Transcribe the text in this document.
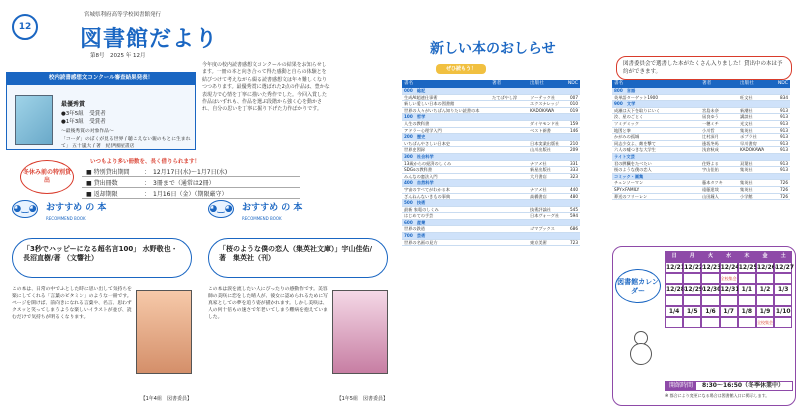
12
宮城県利府高等学校図書館発行
図書館だより
第8号　2025 年 12月
今年度の校内読書感想文コンクールの結果をお知らせします。一冊の本と向き合って得た感動と自らの体験とを結びつけて考えながら綴る読書感想文は年々難しくなりつつあります。最優秀賞に選ばれた2点の作品は、豊かな表現力で心情を丁寧に描いた秀作でした。今回入賞した作品はいずれも、作品を選ぶ段階から強く心を動かされ、自分の思いを丁寧に掘り下げた力作ばかりです。
校内読書感想文コンクール審査結果発表！
最優秀賞
●3年5組　受賞者
●1年3組　受賞者
～最後秀賞の対象作品～
「コーダ」のぼくが見る世界 / 聴こえない親のもとに生まれて」 五十嵐大 / 著　紀伊國屋書店
冬休み前の特別貸出
いつもより多い冊数を、長く借りられます！
■ 特別貸出期間	：　12月17日(水)～1月7日(水)
■ 貸出冊数	：　3冊まで（通常は2冊）
■ 返却期限	：　1月16日（金）（期限厳守）
◕‿◕ おすすめ の 本
RECOMMEND BOOK
「3秒でハッピーになる超名言100」 水野敬也・長沼直樹/著 （文響社）
この本は、日常の中でふとした時に思い出して気持ちを楽にしてくれる「言葉のビタミン」のような一冊です。ページを開けば、前向きになれる言葉や、名言、思わずクスッと笑ってしまうような楽しいイラストが並び、読むだけで気持ちが明るくなります。
【1年4組　図書委員】
◕‿◕ おすすめ の 本
RECOMMEND BOOK
「桜のような僕の恋人（集英社文庫）」宇山佳佑/著　集英社（刊）
この本は涙を流したい人にぴったりの感動作です。美容師の美咲に恋をした晴人が、彼女に認められるために写真家としての夢を追う姿が描かれます。しかし美咲は、人の何十倍もの速さで年老いてしまう難病を抱えていました。
【1年5組　図書委員】
新しい本のおしらせ
ぜひ読もう！
図書委員会で選書した本がたくさん入りました！貸出中の本は予約ができます。
書名	著者	出版社	NDC
000　総記
生成AI超速仕事術	たてばやし淳	ソーテック社	007
新しい愛しい日本の図書館	エクスナレッジ	010
世界の人々がいちばん知りたい読書の本	KADOKAWA	019
100　哲学
人生の教科書	ダイヤモンド社	159
アドラー心理学入門	ベスト新書	146
200　歴史
いちばんやさしい日本史	日本実業出版社	210
世界史図録	山川出版社	209
300　社会科学
13歳からの経済のしくみ	ナツメ社	331
SDGsの教科書	新星出版社	333
みんなの憲法入門	大月書店	323
400　自然科学
宇宙のすべてがわかる本	ナツメ社	440
ざんねんないきもの事典	高橋書店	480
500　技術
最新 家電のしくみ	技術評論社	545
はじめての手芸	日本ヴォーグ社	594
600　産業
世界の鉄道	ゴマブックス	686
700　芸術
世界の名画の見方	東京美術	723
書名	著者	出版社	NDC
800　言語
英単語ターゲット1900	旺文社	834
900　文学
成瀬は天下を取りにいく	宮島未奈	新潮社	913
汝、星のごとく	凪良ゆう	講談社	913
ツミデミック	一穂ミチ	光文社	913
地図と拳	小川哲	集英社	913
かがみの孤城	辻村深月	ポプラ社	913
同志少女よ、敵を撃て	逢坂冬馬	早川書房	913
六人の嘘つきな大学生	浅倉秋成	KADOKAWA	913
ライト文芸
君の膵臓をたべたい	住野よる	双葉社	913
桜のような僕の恋人	宇山佳佑	集英社	913
コミック・画集
チェンソーマン	藤本タツキ	集英社	726
SPY×FAMILY	遠藤達哉	集英社	726
葬送のフリーレン	山田鐘人	小学館	726
図書館カレンダー
日	月	火	水	木	金	土
12/21 12/22 12/23 12/24 12/25 12/26 12/27
全校集会
12/28 12/29 12/30 12/31 1/1	1/2	1/3
1/4	1/5	1/6	1/7	1/8	1/9 1/10
全校集会
開館時間	8:30～16:50（冬季休業中）
※ 都合により変更になる場合は図書館入口に掲示します。
